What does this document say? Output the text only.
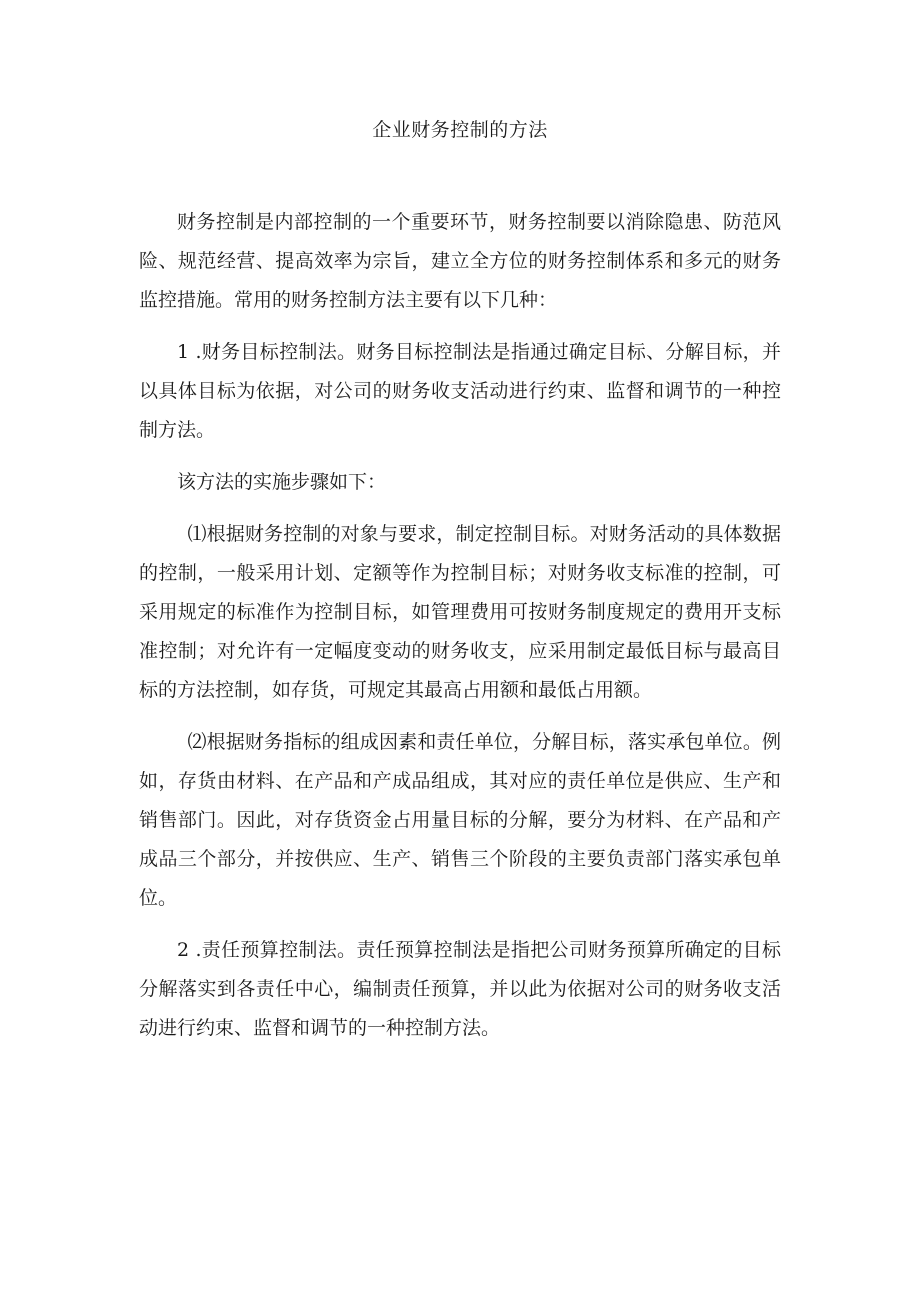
企业财务控制的方法

财务控制是内部控制的一个重要环节，财务控制要以消除隐患、防范风险、规范经营、提高效率为宗旨，建立全方位的财务控制体系和多元的财务监控措施。常用的财务控制方法主要有以下几种：

1 .财务目标控制法。财务目标控制法是指通过确定目标、分解目标，并以具体目标为依据，对公司的财务收支活动进行约束、监督和调节的一种控制方法。

该方法的实施步骤如下：

⑴根据财务控制的对象与要求，制定控制目标。对财务活动的具体数据的控制，一般采用计划、定额等作为控制目标；对财务收支标准的控制，可采用规定的标准作为控制目标，如管理费用可按财务制度规定的费用开支标准控制；对允许有一定幅度变动的财务收支，应采用制定最低目标与最高目标的方法控制，如存货，可规定其最高占用额和最低占用额。

⑵根据财务指标的组成因素和责任单位，分解目标，落实承包单位。例如，存货由材料、在产品和产成品组成，其对应的责任单位是供应、生产和销售部门。因此，对存货资金占用量目标的分解，要分为材料、在产品和产成品三个部分，并按供应、生产、销售三个阶段的主要负责部门落实承包单位。

2 .责任预算控制法。责任预算控制法是指把公司财务预算所确定的目标分解落实到各责任中心，编制责任预算，并以此为依据对公司的财务收支活动进行约束、监督和调节的一种控制方法。
